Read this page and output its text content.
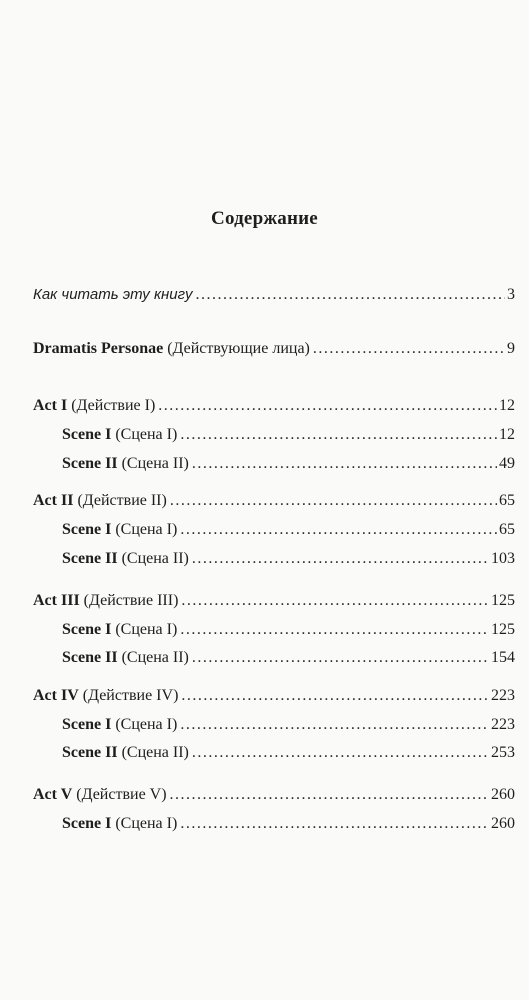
Содержание
Как читать эту книгу .....	3
Dramatis Personae (Действующие лица) .....	9
Act I (Действие I) .....	12
Scene I (Сцена I) .....	12
Scene II (Сцена II) .....	49
Act II (Действие II) .....	65
Scene I (Сцена I) .....	65
Scene II (Сцена II) .....	103
Act III (Действие III) .....	125
Scene I (Сцена I) .....	125
Scene II (Сцена II) .....	154
Act IV (Действие IV) .....	223
Scene I (Сцена I) .....	223
Scene II (Сцена II) .....	253
Act V (Действие V) .....	260
Scene I (Сцена I) .....	260
